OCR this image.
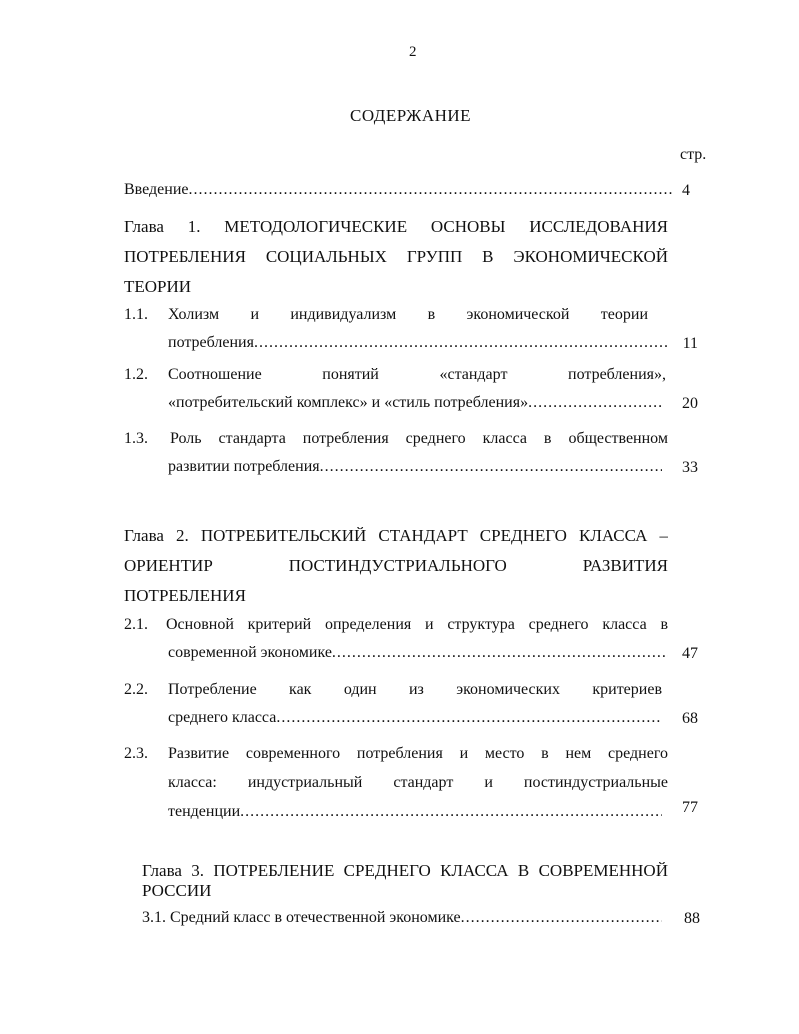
2
СОДЕРЖАНИЕ
стр.
Введение .....	4
Глава 1. МЕТОДОЛОГИЧЕСКИЕ ОСНОВЫ ИССЛЕДОВАНИЯ
ПОТРЕБЛЕНИЯ СОЦИАЛЬНЫХ ГРУПП В ЭКОНОМИЧЕСКОЙ
ТЕОРИИ
1.1. Холизм и индивидуализм в экономической теории
потребления .....	11
1.2. Соотношение понятий «стандарт потребления»,
«потребительский комплекс» и «стиль потребления» .....	20
1.3. Роль стандарта потребления среднего класса в общественном
развитии потребления .....	33
Глава 2. ПОТРЕБИТЕЛЬСКИЙ СТАНДАРТ СРЕДНЕГО КЛАССА –
ОРИЕНТИР ПОСТИНДУСТРИАЛЬНОГО РАЗВИТИЯ
ПОТРЕБЛЕНИЯ
2.1. Основной критерий определения и структура среднего класса в
современной экономике .....	47
2.2. Потребление как один из экономических критериев
среднего класса .....	68
2.3. Развитие современного потребления и место в нем среднего
класса: индустриальный стандарт и постиндустриальные
тенденции .....	77
Глава 3. ПОТРЕБЛЕНИЕ СРЕДНЕГО КЛАССА В СОВРЕМЕННОЙ
РОССИИ
3.1. Средний класс в отечественной экономике .....	88
